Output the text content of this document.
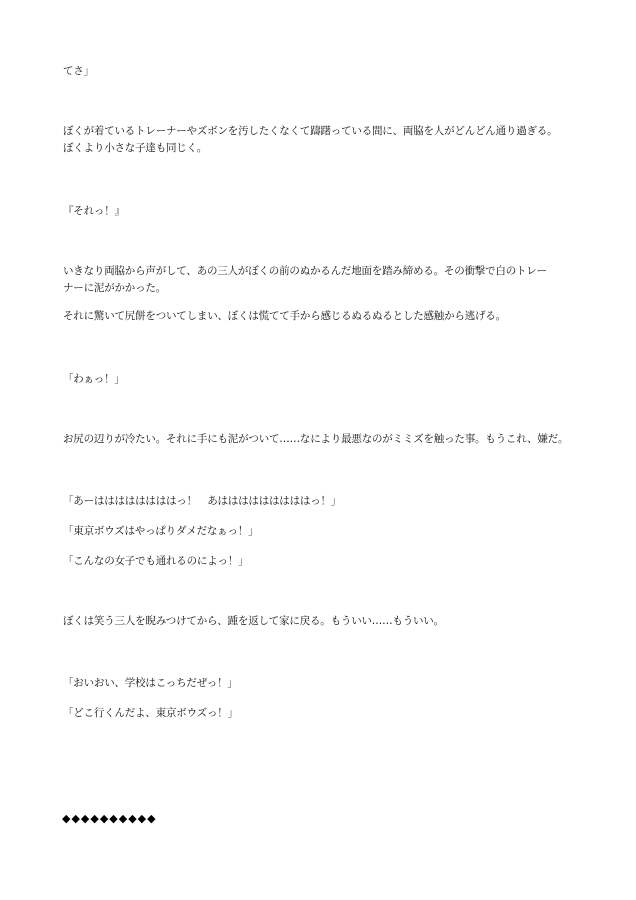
てさ」
ぼくが着ているトレーナーやズボンを汚したくなくて躊躇っている間に、両脇を人がどんどん通り過ぎる。
ぼくより小さな子達も同じく。
『それっ！』
いきなり両脇から声がして、あの三人がぼくの前のぬかるんだ地面を踏み締める。その衝撃で白のトレー
ナーに泥がかかった。
それに驚いて尻餅をついてしまい、ぼくは慌てて手から感じるぬるぬるとした感触から逃げる。
「わぁっ！」
お尻の辺りが冷たい。それに手にも泥がついて……なにより最悪なのがミミズを触った事。もうこれ、嫌だ。
「あーははははははははっ！　あはははははははははっ！」
「東京ボウズはやっぱりダメだなぁっ！」
「こんなの女子でも通れるのによっ！」
ぼくは笑う三人を睨みつけてから、踵を返して家に戻る。もういい……もういい。
「おいおい、学校はこっちだぜっ！」
「どこ行くんだよ、東京ボウズっ！」
◆◆◆◆◆◆◆◆◆◆
